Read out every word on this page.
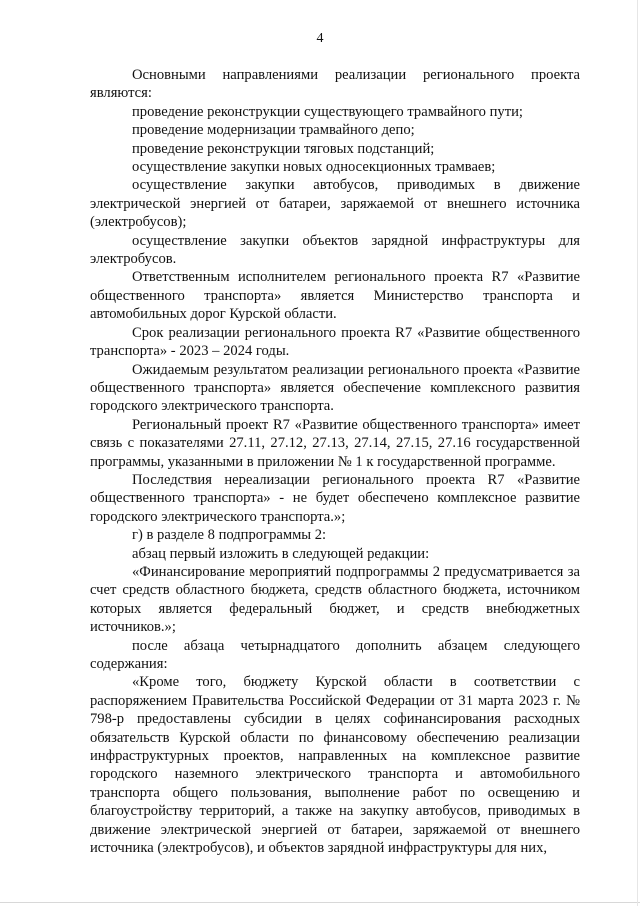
4

Основными направлениями реализации регионального проекта являются:

проведение реконструкции существующего трамвайного пути;

проведение модернизации трамвайного депо;

проведение реконструкции тяговых подстанций;

осуществление закупки новых односекционных трамваев;

осуществление закупки автобусов, приводимых в движение электрической энергией от батареи, заряжаемой от внешнего источника (электробусов);

осуществление закупки объектов зарядной инфраструктуры для электробусов.

Ответственным исполнителем регионального проекта R7 «Развитие общественного транспорта» является Министерство транспорта и автомобильных дорог Курской области.

Срок реализации регионального проекта R7 «Развитие общественного транспорта» - 2023 – 2024 годы.

Ожидаемым результатом реализации регионального проекта «Развитие общественного транспорта» является обеспечение комплексного развития городского электрического транспорта.

Региональный проект R7 «Развитие общественного транспорта» имеет связь с показателями 27.11, 27.12, 27.13, 27.14, 27.15, 27.16 государственной программы, указанными в приложении № 1 к государственной программе.

Последствия нереализации регионального проекта R7 «Развитие общественного транспорта» - не будет обеспечено комплексное развитие городского электрического транспорта.»;

г) в разделе 8 подпрограммы 2:

абзац первый изложить в следующей редакции:

«Финансирование мероприятий подпрограммы 2 предусматривается за счет средств областного бюджета, средств областного бюджета, источником которых является федеральный бюджет, и средств внебюджетных источников.»;

после абзаца четырнадцатого дополнить абзацем следующего содержания:

«Кроме того, бюджету Курской области в соответствии с распоряжением Правительства Российской Федерации от 31 марта 2023 г. № 798-р предоставлены субсидии в целях софинансирования расходных обязательств Курской области по финансовому обеспечению реализации инфраструктурных проектов, направленных на комплексное развитие городского наземного электрического транспорта и автомобильного транспорта общего пользования, выполнение работ по освещению и благоустройству территорий, а также на закупку автобусов, приводимых в движение электрической энергией от батареи, заряжаемой от внешнего источника (электробусов), и объектов зарядной инфраструктуры для них,
